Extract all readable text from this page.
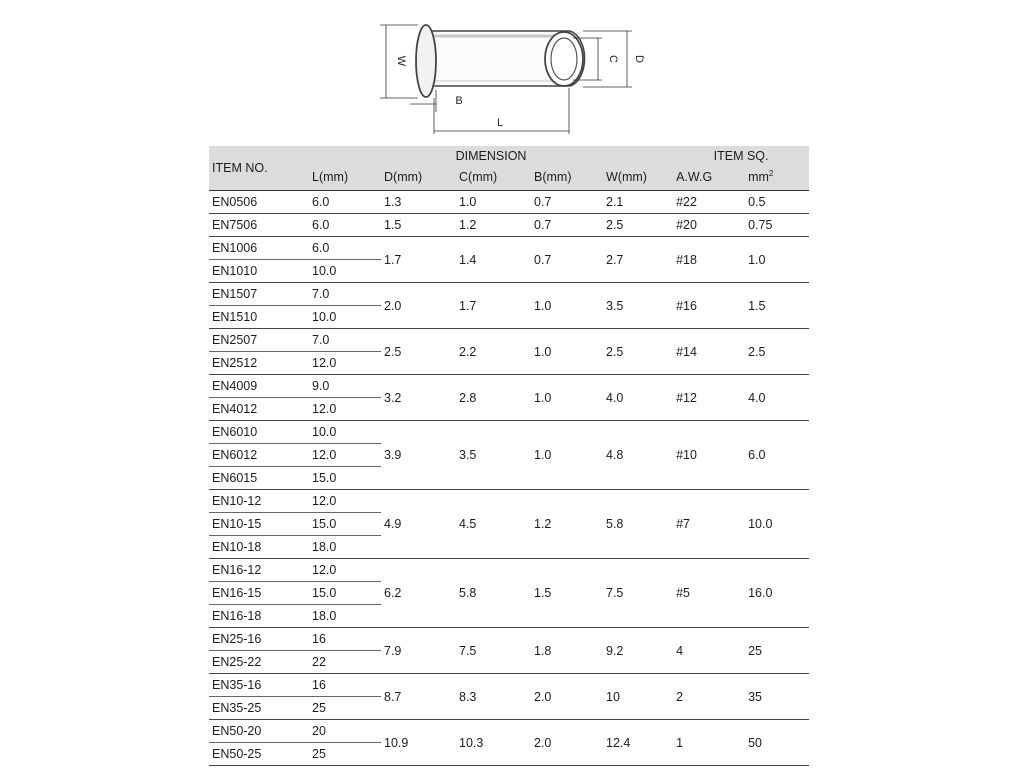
W	C D
B
L
ITEM NO.	DIMENSION					ITEM SQ.	
	L(mm)	D(mm)	C(mm)	B(mm)	W(mm)	A.W.G	$mm^2$
EN0506	6.0	1.3	1.0	0.7	2.1	#22	0.5
EN7506	6.0	1.5	1.2	0.7	2.5	#20	0.75
EN1006	6.0	1.7	1.4	0.7	2.7	#18	1.0
EN1010	10.0						
EN1507	7.0	2.0	1.7	1.0	3.5	#16	1.5
EN1510	10.0						
EN2507	7.0	2.5	2.2	1.0	2.5	#14	2.5
EN2512	12.0						
EN4009	9.0	3.2	2.8	1.0	4.0	#12	4.0
EN4012	12.0						
EN6010	10.0	3.9	3.5	1.0	4.8	#10	6.0
EN6012	12.0						
EN6015	15.0						
EN10-12	12.0	4.9	4.5	1.2	5.8	#7	10.0
EN10-15	15.0						
EN10-18	18.0						
EN16-12	12.0	6.2	5.8	1.5	7.5	#5	16.0
EN16-15	15.0						
EN16-18	18.0						
EN25-16	16	7.9	7.5	1.8	9.2	4	25
EN25-22	22						
EN35-16	16	8.7	8.3	2.0	10	2	35
EN35-25	25						
EN50-20	20	10.9	10.3	2.0	12.4	1	50
EN50-25	25						
